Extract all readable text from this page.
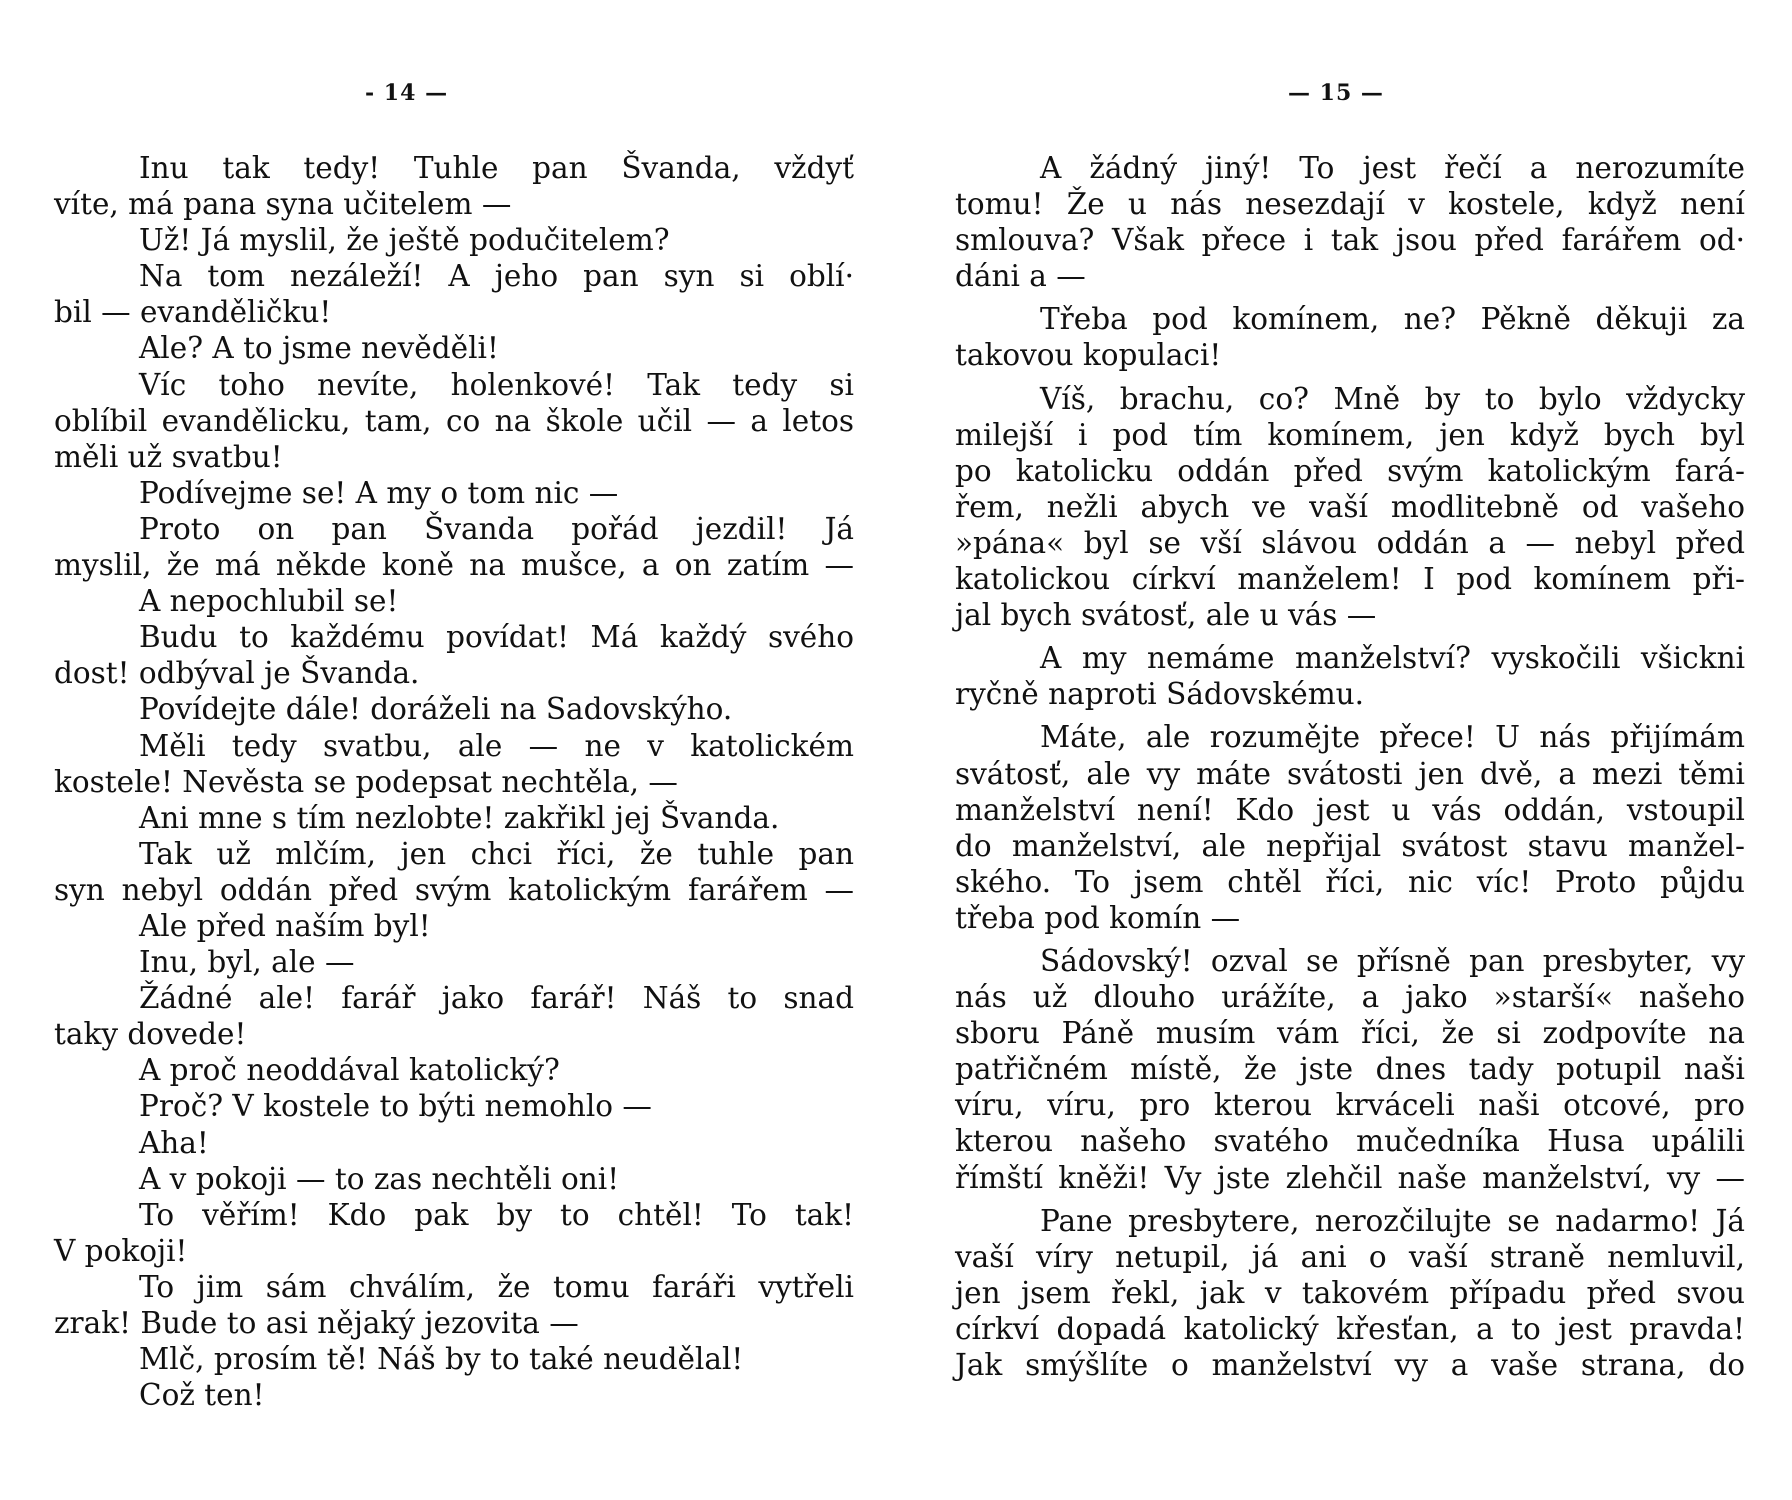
- 14 —	— 15 —
Inu tak tedy! Tuhle pan Švanda, vždyť
víte, má pana syna učitelem —
Už! Já myslil, že ještě podučitelem?
Na tom nezáleží! A jeho pan syn si oblí·
bil — evanděličku!
Ale? A to jsme nevěděli!
Víc toho nevíte, holenkové! Tak tedy si
oblíbil evandělicku, tam, co na škole učil — a letos
měli už svatbu!
Podívejme se! A my o tom nic —
Proto on pan Švanda pořád jezdil! Já
myslil, že má někde koně na mušce, a on zatím —
A nepochlubil se!
Budu to každému povídat! Má každý svého
dost! odbýval je Švanda.
Povídejte dále! doráželi na Sadovskýho.
Měli tedy svatbu, ale — ne v katolickém
kostele! Nevěsta se podepsat nechtěla, —
Ani mne s tím nezlobte! zakřikl jej Švanda.
Tak už mlčím, jen chci říci, že tuhle pan
syn nebyl oddán před svým katolickým farářem —
Ale před naším byl!
Inu, byl, ale —
Žádné ale! farář jako farář! Náš to snad
taky dovede!
A proč neoddával katolický?
Proč? V kostele to býti nemohlo —
Aha!
A v pokoji — to zas nechtěli oni!
To věřím! Kdo pak by to chtěl! To tak!
V pokoji!
To jim sám chválím, že tomu faráři vytřeli
zrak! Bude to asi nějaký jezovita —
Mlč, prosím tě! Náš by to také neudělal!
Což ten!
A žádný jiný! To jest řečí a nerozumíte
tomu! Že u nás nesezdají v kostele, když není
smlouva? Však přece i tak jsou před farářem od·
dáni a —
Třeba pod komínem, ne? Pěkně děkuji za
takovou kopulaci!
Víš, brachu, co? Mně by to bylo vždycky
milejší i pod tím komínem, jen když bych byl
po katolicku oddán před svým katolickým fará-
řem, nežli abych ve vaší modlitebně od vašeho
»pána« byl se vší slávou oddán a — nebyl před
katolickou církví manželem! I pod komínem při-
jal bych svátosť, ale u vás —
A my nemáme manželství? vyskočili všickni
ryčně naproti Sádovskému.
Máte, ale rozumějte přece! U nás přijímám
svátosť, ale vy máte svátosti jen dvě, a mezi těmi
manželství není! Kdo jest u vás oddán, vstoupil
do manželství, ale nepřijal svátost stavu manžel-
ského. To jsem chtěl říci, nic víc! Proto půjdu
třeba pod komín —
Sádovský! ozval se přísně pan presbyter, vy
nás už dlouho urážíte, a jako »starší« našeho
sboru Páně musím vám říci, že si zodpovíte na
patřičném místě, že jste dnes tady potupil naši
víru, víru, pro kterou krváceli naši otcové, pro
kterou našeho svatého mučedníka Husa upálili
římští kněži! Vy jste zlehčil naše manželství, vy —
Pane presbytere, nerozčilujte se nadarmo! Já
vaší víry netupil, já ani o vaší straně nemluvil,
jen jsem řekl, jak v takovém případu před svou
církví dopadá katolický křesťan, a to jest pravda!
Jak smýšlíte o manželství vy a vaše strana, do
